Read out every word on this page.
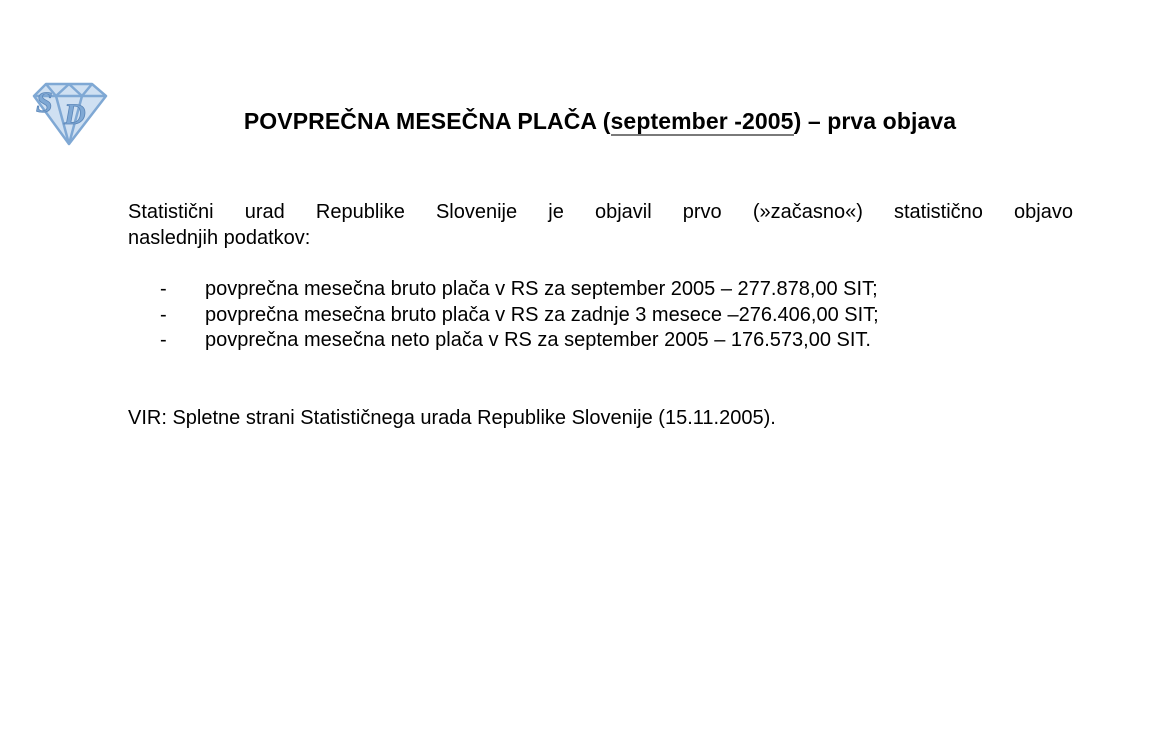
S D	POVPREČNA MESEČNA PLAČA (september -2005) – prva objava
Statistični urad Republike Slovenije je objavil prvo (»začasno«) statistično objavo
naslednjih podatkov:
- povprečna mesečna bruto plača v RS za september 2005 – 277.878,00 SIT;
- povprečna mesečna bruto plača v RS za zadnje 3 mesece –276.406,00 SIT;
- povprečna mesečna neto plača v RS za september 2005 – 176.573,00 SIT.
VIR: Spletne strani Statističnega urada Republike Slovenije (15.11.2005).
